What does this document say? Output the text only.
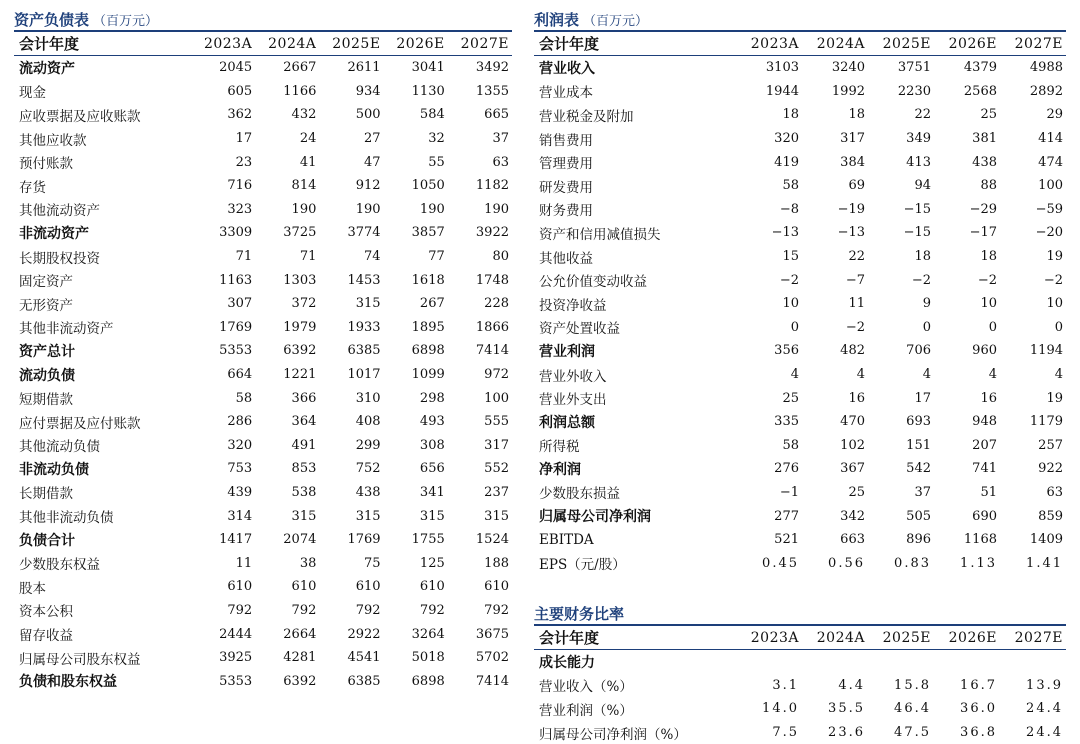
资产负债表 （百万元）
会计年度	2023A	2024A	2025E	2026E	2027E
流动资产	2045	2667	2611	3041	3492
现金	605	1166	934	1130	1355
应收票据及应收账款	362	432	500	584	665
其他应收款	17	24	27	32	37
预付账款	23	41	47	55	63
存货	716	814	912	1050	1182
其他流动资产	323	190	190	190	190
非流动资产	3309	3725	3774	3857	3922
长期股权投资	71	71	74	77	80
固定资产	1163	1303	1453	1618	1748
无形资产	307	372	315	267	228
其他非流动资产	1769	1979	1933	1895	1866
资产总计	5353	6392	6385	6898	7414
流动负债	664	1221	1017	1099	972
短期借款	58	366	310	298	100
应付票据及应付账款	286	364	408	493	555
其他流动负债	320	491	299	308	317
非流动负债	753	853	752	656	552
长期借款	439	538	438	341	237
其他非流动负债	314	315	315	315	315
负债合计	1417	2074	1769	1755	1524
少数股东权益	11	38	75	125	188
股本	610	610	610	610	610
资本公积	792	792	792	792	792
留存收益	2444	2664	2922	3264	3675
归属母公司股东权益	3925	4281	4541	5018	5702
负债和股东权益	5353	6392	6385	6898	7414
利润表 （百万元）
会计年度	2023A	2024A	2025E	2026E	2027E
营业收入	3103	3240	3751	4379	4988
营业成本	1944	1992	2230	2568	2892
营业税金及附加	18	18	22	25	29
销售费用	320	317	349	381	414
管理费用	419	384	413	438	474
研发费用	58	69	94	88	100
财务费用	−8	−19	−15	−29	−59
资产和信用减值损失	−13	−13	−15	−17	−20
其他收益	15	22	18	18	19
公允价值变动收益	−2	−7	−2	−2	−2
投资净收益	10	11	9	10	10
资产处置收益	0	−2	0	0	0
营业利润	356	482	706	960	1194
营业外收入	4	4	4	4	4
营业外支出	25	16	17	16	19
利润总额	335	470	693	948	1179
所得税	58	102	151	207	257
净利润	276	367	542	741	922
少数股东损益	−1	25	37	51	63
归属母公司净利润	277	342	505	690	859
EBITDA	521	663	896	1168	1409
EPS（元/股）	0.45	0.56	0.83	1.13	1.41
主要财务比率
会计年度	2023A	2024A	2025E	2026E	2027E
成长能力					
营业收入（%）	3.1	4.4	15.8	16.7	13.9
营业利润（%）	14.0	35.5	46.4	36.0	24.4
归属母公司净利润（%）	7.5	23.6	47.5	36.8	24.4
